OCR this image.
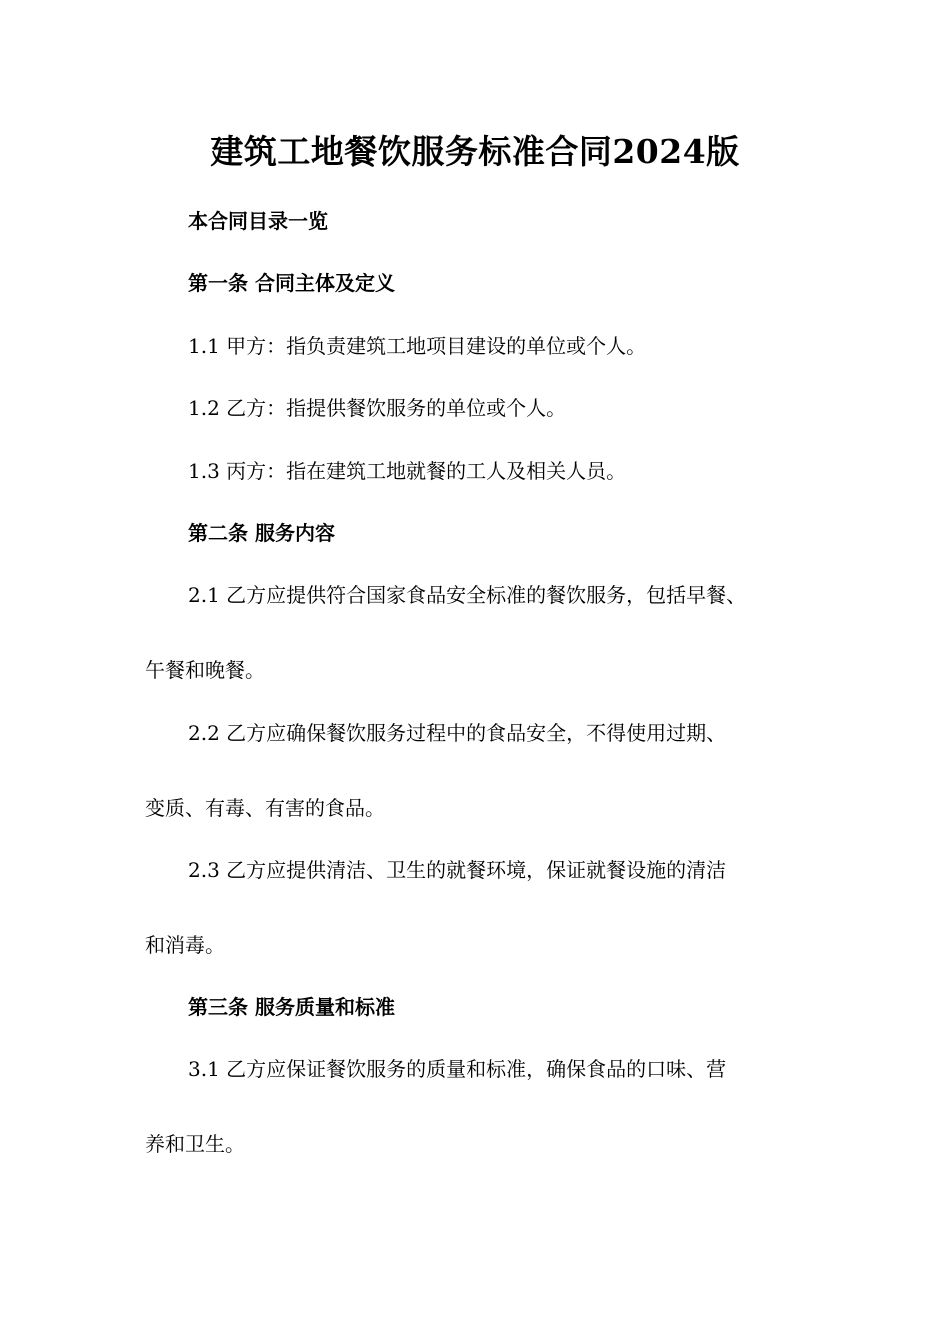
建筑工地餐饮服务标准合同2024版
本合同目录一览
第一条 合同主体及定义
1.1 甲方：指负责建筑工地项目建设的单位或个人。
1.2 乙方：指提供餐饮服务的单位或个人。
1.3 丙方：指在建筑工地就餐的工人及相关人员。
第二条 服务内容
2.1 乙方应提供符合国家食品安全标准的餐饮服务，包括早餐、
午餐和晚餐。
2.2 乙方应确保餐饮服务过程中的食品安全，不得使用过期、
变质、有毒、有害的食品。
2.3 乙方应提供清洁、卫生的就餐环境，保证就餐设施的清洁
和消毒。
第三条 服务质量和标准
3.1 乙方应保证餐饮服务的质量和标准，确保食品的口味、营
养和卫生。
